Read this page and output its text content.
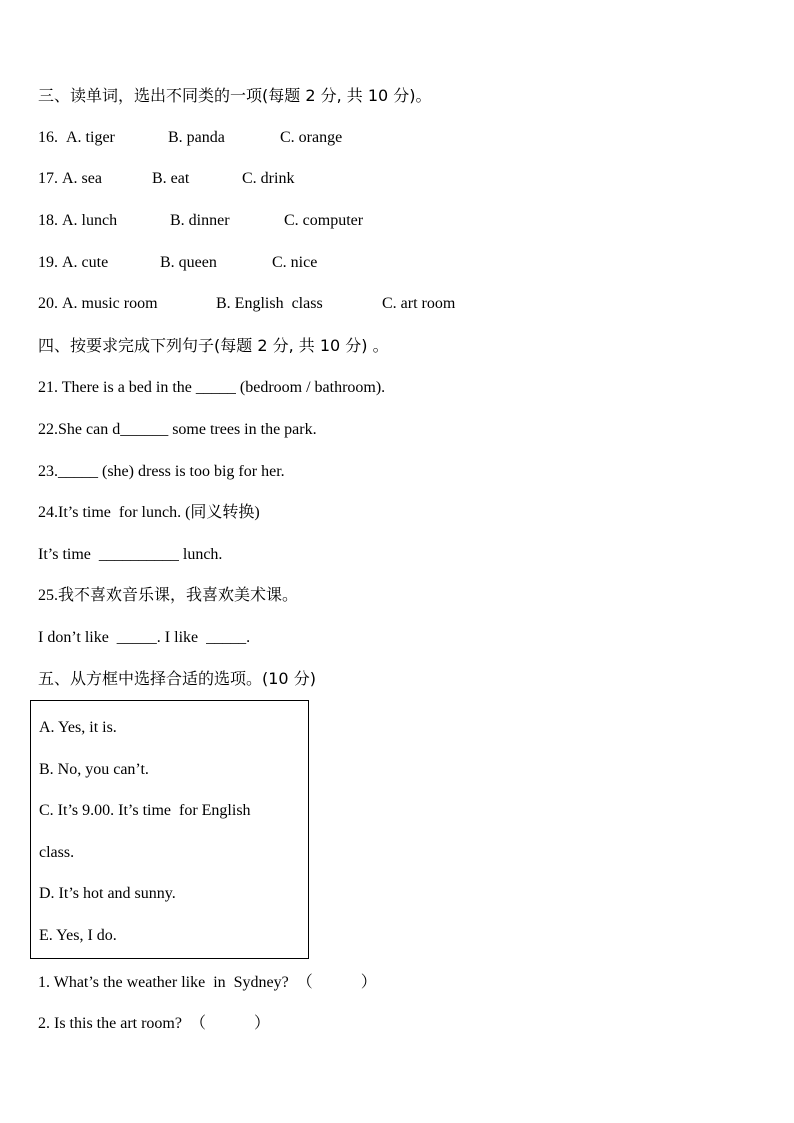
三、读单词，选出不同类的一项(每题 2 分, 共 10 分)。
16. A. tiger	B. panda	C. orange
17. A. sea	B. eat	C. drink
18. A. lunch	B. dinner	C. computer
19. A. cute	B. queen	C. nice
20. A. music room	B. English  class	C. art room
四、按要求完成下列句子(每题 2 分, 共 10 分) 。
21. There is a bed in the _____ (bedroom / bathroom).
22.She can d______ some trees in the park.
23._____ (she) dress is too big for her.
24.It’s time  for lunch. (同义转换)
It’s time  __________ lunch.
25.我不喜欢音乐课，我喜欢美术课。
I don’t like  _____. I like  _____.
五、从方框中选择合适的选项。(10 分)
A. Yes, it is.
B. No, you can’t.
C. It’s 9.00. It’s time  for English
class.
D. It’s hot and sunny.
E. Yes, I do.
1. What’s the weather like  in  Sydney?  （            ）
2. Is this the art room?  （            ）
